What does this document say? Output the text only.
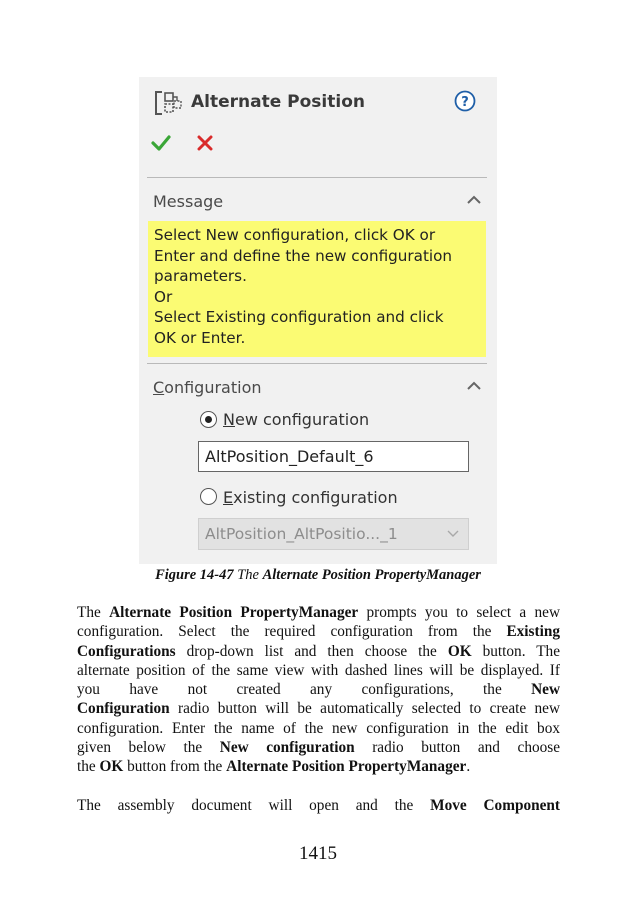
Alternate Position	?
Message
Select New configuration, click OK or
Enter and define the new configuration
parameters.
Or
Select Existing configuration and click
OK or Enter.
Configuration
New configuration
AltPosition_Default_6
Existing configuration
AltPosition_AltPositio..._1
Figure 14-47 The Alternate Position PropertyManager
The Alternate Position PropertyManager prompts you to select a new
configuration. Select the required configuration from the Existing
Configurations drop-down list and then choose the OK button. The
alternate position of the same view with dashed lines will be displayed. If
you have not created any configurations, the New
Configuration radio button will be automatically selected to create new
configuration. Enter the name of the new configuration in the edit box
given below the New configuration radio button and choose
the OK button from the Alternate Position PropertyManager.
The assembly document will open and the Move Component
1415
